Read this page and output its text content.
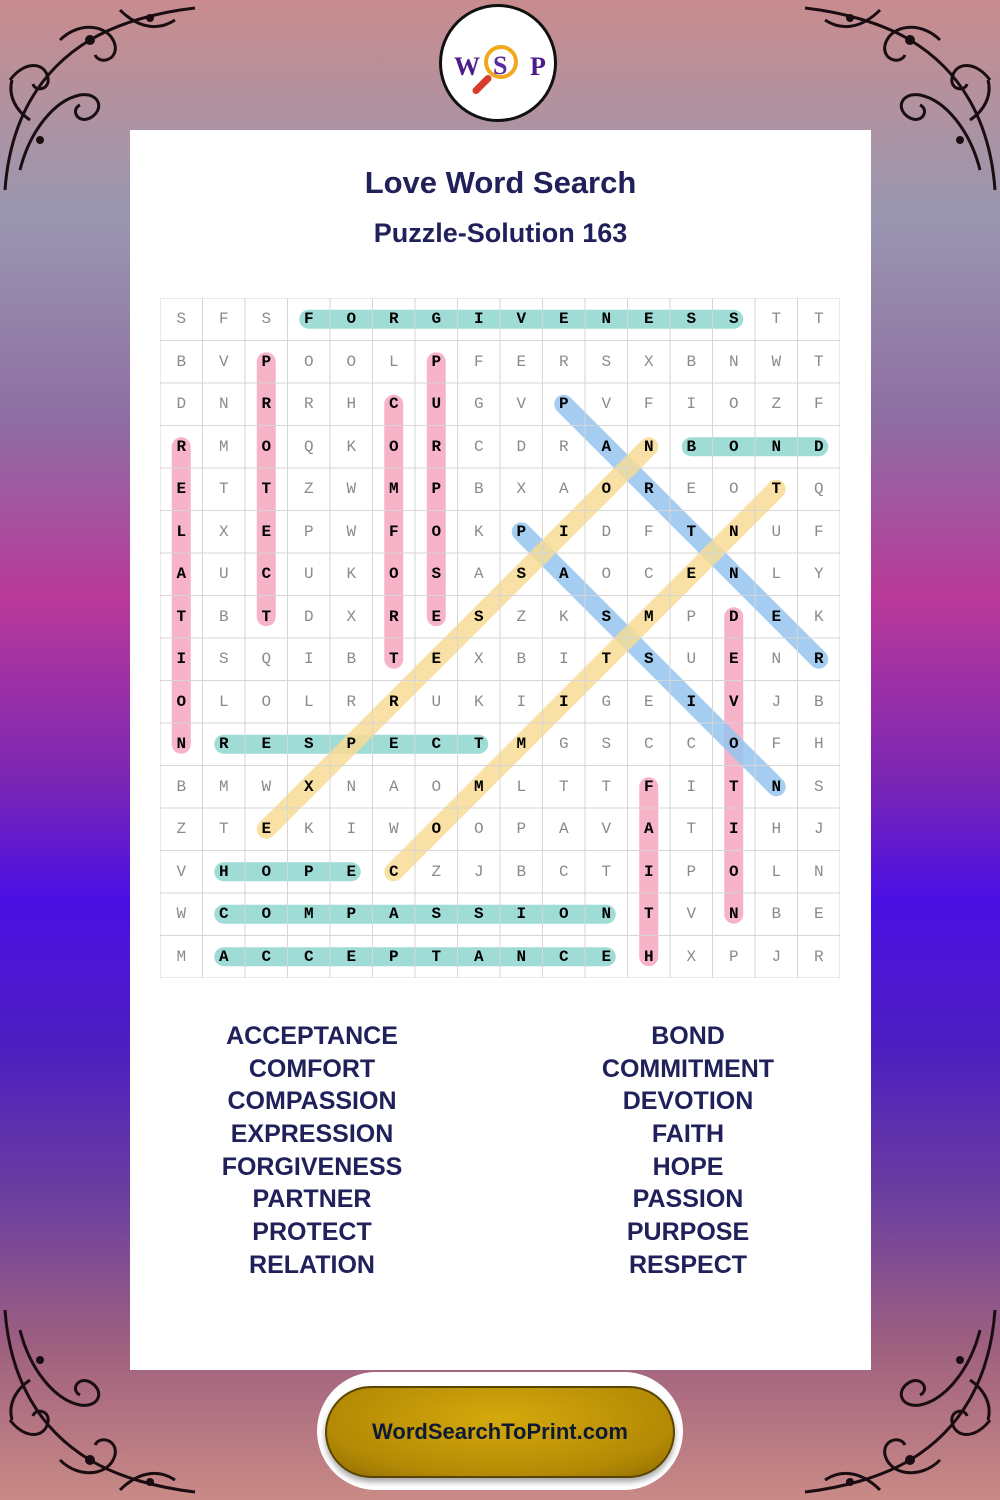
W S P
Love Word Search
Puzzle-Solution 163
S	F	S	F	O	R	G	I	V	E	N	E	S	S	T	T
B	V	P	O	O	L	P	F	E	R	S	X	B	N	W	T
D	N	R	R	H	C	U	G	V	P	V	F	I	O	Z	F
R	M	O	Q	K	O	R	C	D	R	A	N	B	O	N	D
E	T	T	Z	W	M	P	B	X	A	O	R	E	O	T	Q
L	X	E	P	W	F	O	K	P	I	D	F	T	N	U	F
A	U	C	U	K	O	S	A	S	A	O	C	E	N	L	Y
T	B	T	D	X	R	E	S	Z	K	S	M	P	D	E	K
I	S	Q	I	B	T	E	X	B	I	T	S	U	E	N	R
O	L	O	L	R	R	U	K	I	I	G	E	I	V	J	B
N	R	E	S	P	E	C	T	M	G	S	C	C	O	F	H
B	M	W	X	N	A	O	M	L	T	T	F	I	T	N	S
Z	T	E	K	I	W	O	O	P	A	V	A	T	I	H	J
V	H	O	P	E	C	Z	J	B	C	T	I	P	O	L	N
W	C	O	M	P	A	S	S	I	O	N	T	V	N	B	E
M	A	C	C	E	P	T	A	N	C	E	H	X	P	J	R
ACCEPTANCE
COMFORT
COMPASSION
EXPRESSION
FORGIVENESS
PARTNER
PROTECT
RELATION
BOND
COMMITMENT
DEVOTION
FAITH
HOPE
PASSION
PURPOSE
RESPECT
WordSearchToPrint.com
